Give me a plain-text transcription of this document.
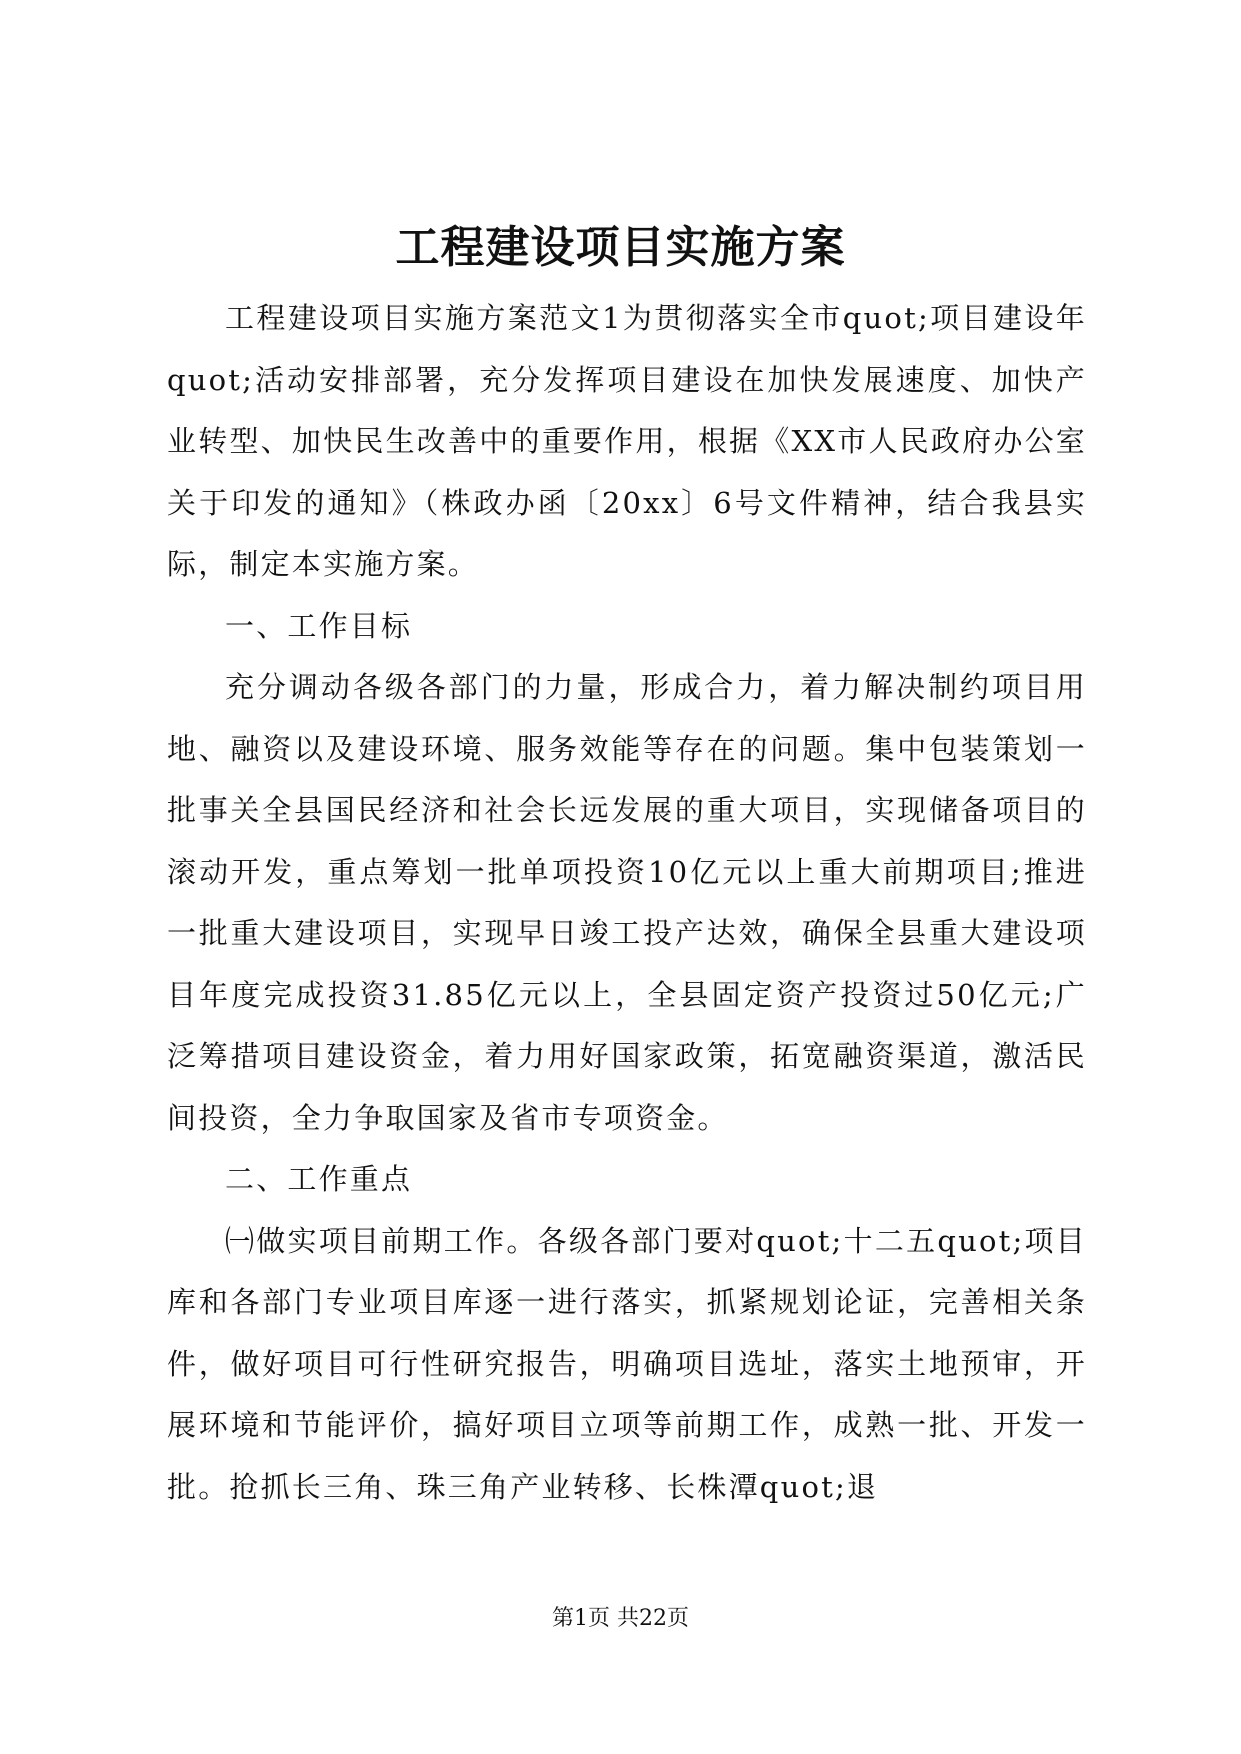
工程建设项目实施方案

工程建设项目实施方案范文1为贯彻落实全市quot;项目建设年quot;活动安排部署，充分发挥项目建设在加快发展速度、加快产业转型、加快民生改善中的重要作用，根据《XX市人民政府办公室关于印发的通知》（株政办函〔20xx〕6号文件精神，结合我县实际，制定本实施方案。

一、工作目标

充分调动各级各部门的力量，形成合力，着力解决制约项目用地、融资以及建设环境、服务效能等存在的问题。集中包装策划一批事关全县国民经济和社会长远发展的重大项目，实现储备项目的滚动开发，重点筹划一批单项投资10亿元以上重大前期项目;推进一批重大建设项目，实现早日竣工投产达效，确保全县重大建设项目年度完成投资31.85亿元以上，全县固定资产投资过50亿元;广泛筹措项目建设资金，着力用好国家政策，拓宽融资渠道，激活民间投资，全力争取国家及省市专项资金。

二、工作重点

㈠做实项目前期工作。各级各部门要对quot;十二五quot;项目库和各部门专业项目库逐一进行落实，抓紧规划论证，完善相关条件，做好项目可行性研究报告，明确项目选址，落实土地预审，开展环境和节能评价，搞好项目立项等前期工作，成熟一批、开发一批。抢抓长三角、珠三角产业转移、长株潭quot;退

第1页 共22页
